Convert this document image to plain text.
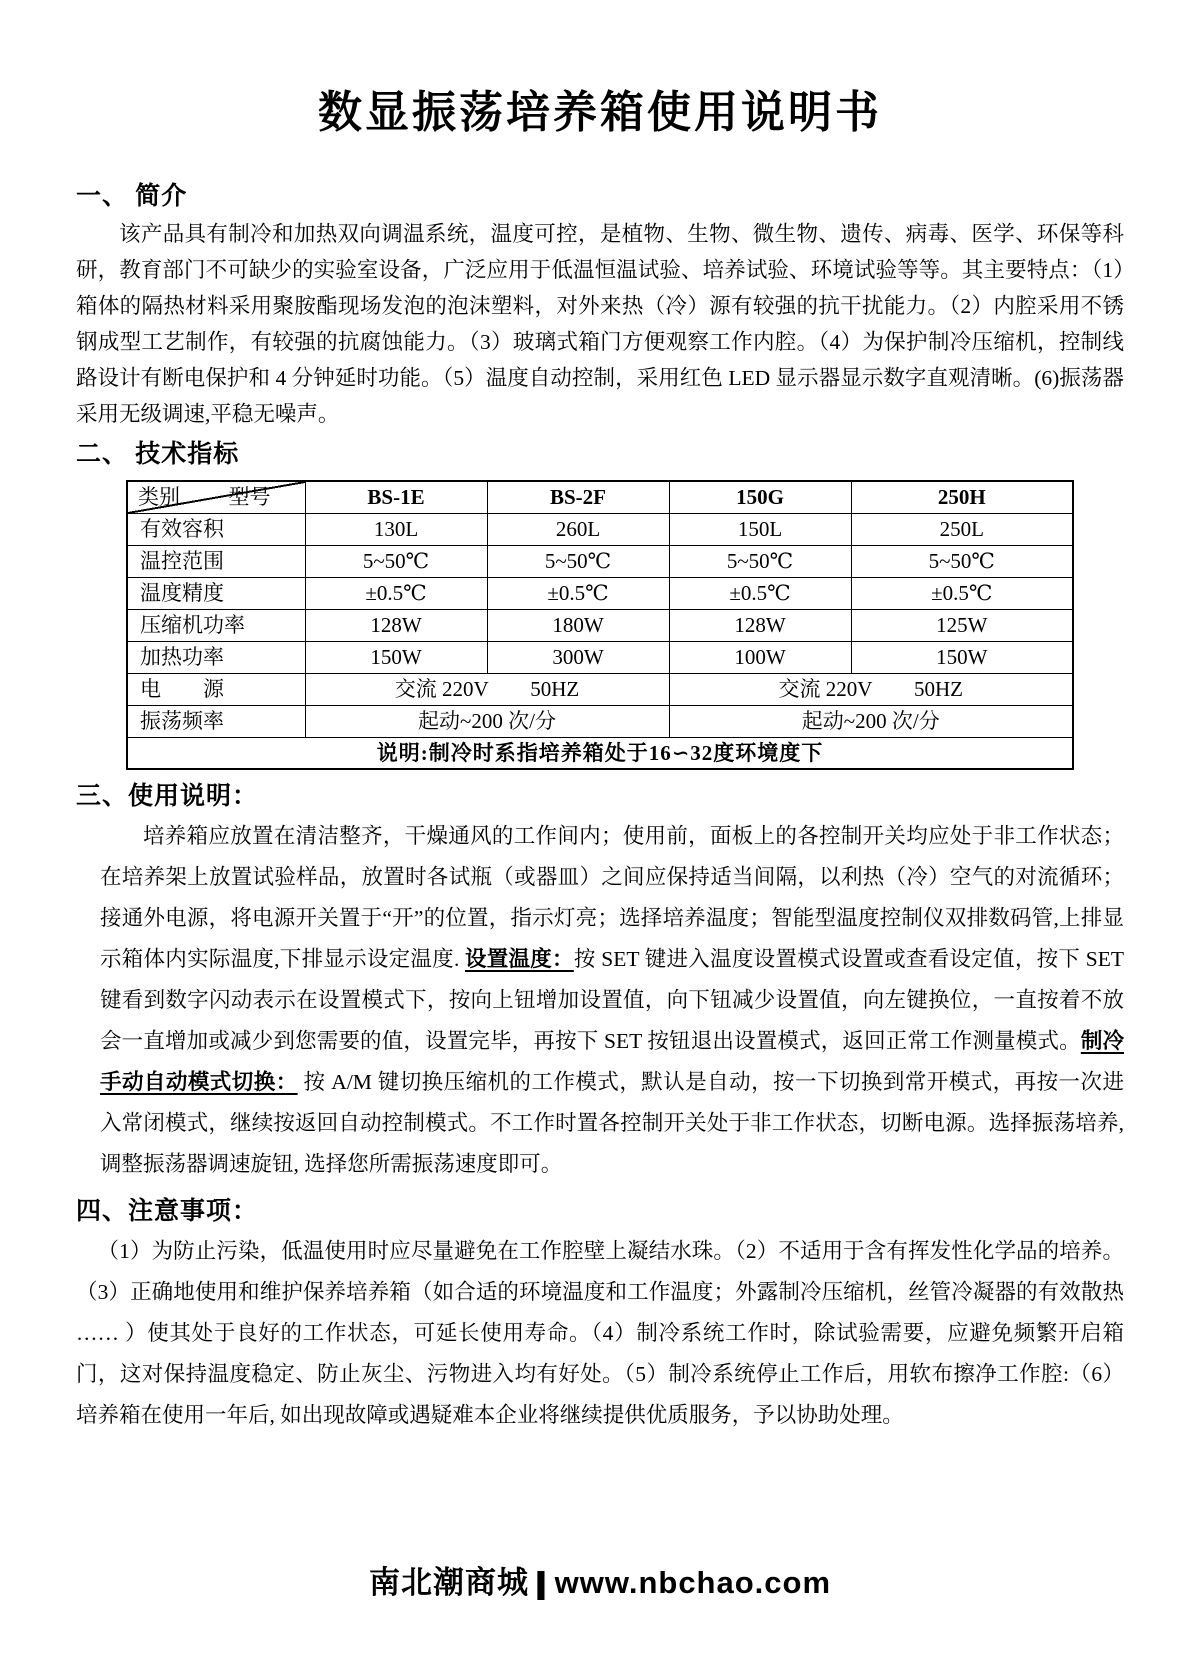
数显振荡培养箱使用说明书
一、 简介

该产品具有制冷和加热双向调温系统，温度可控，是植物、生物、微生物、遗传、病毒、医学、环保等科研，教育部门不可缺少的实验室设备，广泛应用于低温恒温试验、培养试验、环境试验等等。其主要特点：（1）箱体的隔热材料采用聚胺酯现场发泡的泡沫塑料，对外来热（冷）源有较强的抗干扰能力。（2）内腔采用不锈钢成型工艺制作，有较强的抗腐蚀能力。（3）玻璃式箱门方便观察工作内腔。（4）为保护制冷压缩机，控制线路设计有断电保护和 4 分钟延时功能。（5）温度自动控制，采用红色 LED 显示器显示数字直观清晰。(6)振荡器采用无级调速,平稳无噪声。

二、 技术指标
类别 型号	BS-1E	BS-2F	150G	250H
有效容积	130L	260L	150L	250L
温控范围	5~50℃	5~50℃	5~50℃	5~50℃
温度精度	±0.5℃	±0.5℃	±0.5℃	±0.5℃
压缩机功率	128W	180W	128W	125W
加热功率	150W	300W	100W	150W
电　　源	交流 220V　　50HZ		交流 220V　　50HZ	
振荡频率	起动~200 次/分		起动~200 次/分	
说明:制冷时系指培养箱处于16∽32度环境度下				
三、使用说明：

培养箱应放置在清洁整齐，干燥通风的工作间内；使用前，面板上的各控制开关均应处于非工作状态；在培养架上放置试验样品，放置时各试瓶（或器皿）之间应保持适当间隔，以利热（冷）空气的对流循环；接通外电源，将电源开关置于“开”的位置，指示灯亮；选择培养温度；智能型温度控制仪双排数码管,上排显示箱体内实际温度,下排显示设定温度. 设置温度：按 SET 键进入温度设置模式设置或查看设定值，按下 SET 键看到数字闪动表示在设置模式下，按向上钮增加设置值，向下钮减少设置值，向左键换位，一直按着不放会一直增加或减少到您需要的值，设置完毕，再按下 SET 按钮退出设置模式，返回正常工作测量模式。制冷手动自动模式切换： 按 A/M 键切换压缩机的工作模式，默认是自动，按一下切换到常开模式，再按一次进入常闭模式，继续按返回自动控制模式。不工作时置各控制开关处于非工作状态，切断电源。选择振荡培养, 调整振荡器调速旋钮, 选择您所需振荡速度即可。

四、注意事项：

（1）为防止污染，低温使用时应尽量避免在工作腔壁上凝结水珠。（2）不适用于含有挥发性化学品的培养。（3）正确地使用和维护保养培养箱（如合适的环境温度和工作温度；外露制冷压缩机，丝管冷凝器的有效散热 …… ）使其处于良好的工作状态，可延长使用寿命。（4）制冷系统工作时，除试验需要，应避免频繁开启箱门，这对保持温度稳定、防止灰尘、污物进入均有好处。（5）制冷系统停止工作后，用软布擦净工作腔:（6）培养箱在使用一年后, 如出现故障或遇疑难本企业将继续提供优质服务，予以协助处理。

南北潮商城 | www.nbchao.com
